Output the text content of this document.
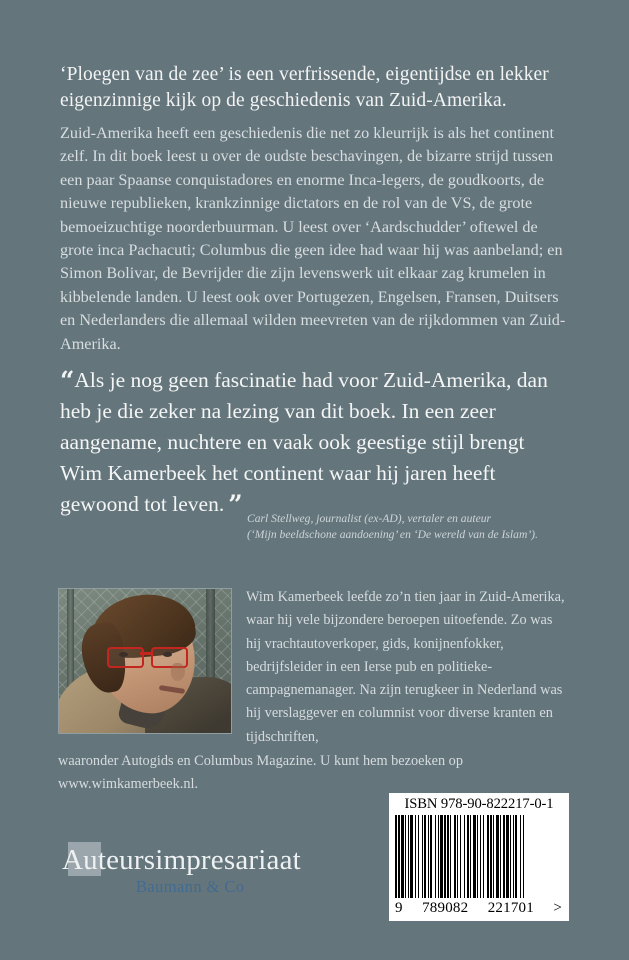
‘Ploegen van de zee’ is een verfrissende, eigentijdse en lekker eigenzinnige kijk op de geschiedenis van Zuid-Amerika.
Zuid-Amerika heeft een geschiedenis die net zo kleurrijk is als het continent zelf. In dit boek leest u over de oudste beschavingen, de bizarre strijd tussen een paar Spaanse conquistadores en enorme Inca-legers, de goudkoorts, de nieuwe republieken, krankzinnige dictators en de rol van de VS, de grote bemoeizuchtige noorderbuurman. U leest over ‘Aardschudder’ oftewel de grote inca Pachacuti; Columbus die geen idee had waar hij was aanbeland; en Simon Bolivar, de Bevrijder die zijn levenswerk uit elkaar zag krumelen in kibbelende landen. U leest ook over Portugezen, Engelsen, Fransen, Duitsers en Nederlanders die allemaal wilden meevreten van de rijkdommen van Zuid-Amerika.
“Als je nog geen fascinatie had voor Zuid-Amerika, dan heb je die zeker na lezing van dit boek. In een zeer aangename, nuchtere en vaak ook geestige stijl brengt Wim Kamerbeek het continent waar hij jaren heeft gewoond tot leven. ” Carl Stellweg, journalist (ex-AD), vertaler en auteur
(‘Mijn beeldschone aandoening’ en ‘De wereld van de Islam’).

Wim Kamerbeek leefde zo’n tien jaar in Zuid-Amerika, waar hij vele bijzondere beroepen uitoefende. Zo was hij vrachtautoverkoper, gids, konijnenfokker, bedrijfsleider in een Ierse pub en politieke-campagnemanager. Na zijn terugkeer in Nederland was hij verslaggever en columnist voor diverse kranten en tijdschriften,

waaronder Autogids en Columbus Magazine. U kunt hem bezoeken op www.wimkamerbeek.nl.

Auteursimpresariaat
Baumann & Co
ISBN 978-90-822217-0-1
9 789082 221701 >
